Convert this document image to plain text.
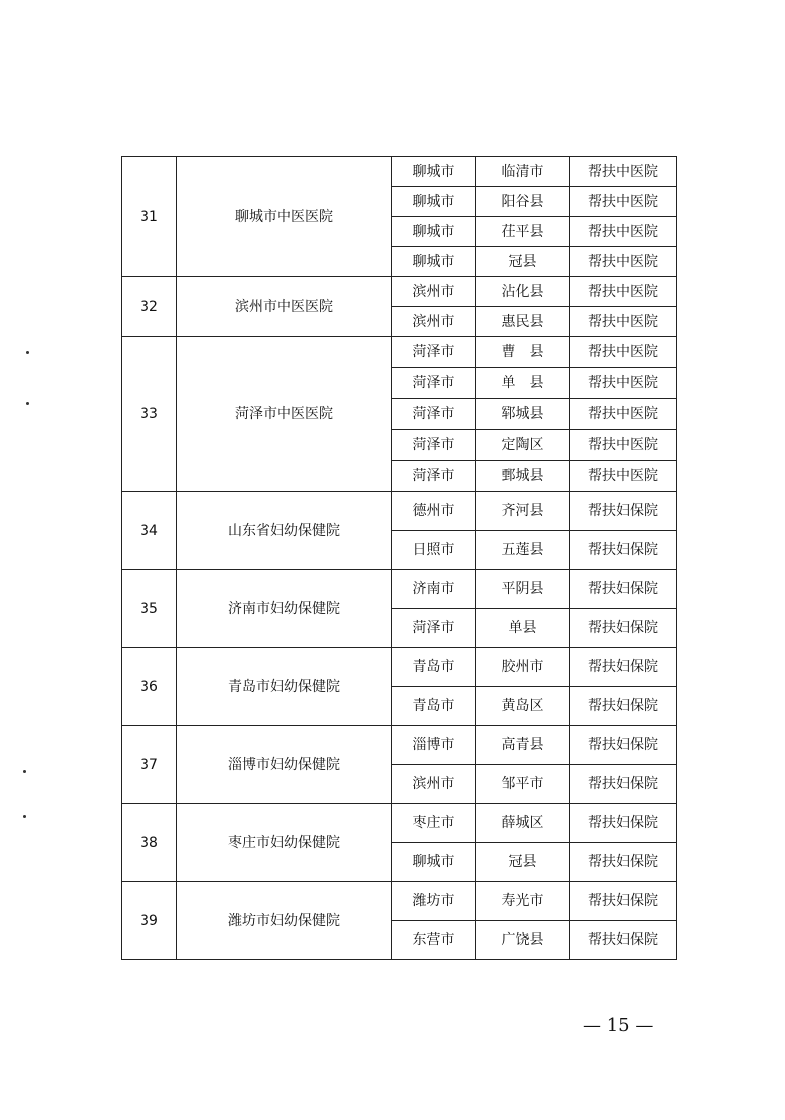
31	聊城市中医医院	聊城市	临清市	帮扶中医院
		聊城市	阳谷县	帮扶中医院
		聊城市	茌平县	帮扶中医院
		聊城市	冠县	帮扶中医院
32	滨州市中医医院	滨州市	沾化县	帮扶中医院
		滨州市	惠民县	帮扶中医院
33	菏泽市中医医院	菏泽市	曹　县	帮扶中医院
		菏泽市	单　县	帮扶中医院
		菏泽市	郓城县	帮扶中医院
		菏泽市	定陶区	帮扶中医院
		菏泽市	鄄城县	帮扶中医院
34	山东省妇幼保健院	德州市	齐河县	帮扶妇保院
		日照市	五莲县	帮扶妇保院
35	济南市妇幼保健院	济南市	平阴县	帮扶妇保院
		菏泽市	单县	帮扶妇保院
36	青岛市妇幼保健院	青岛市	胶州市	帮扶妇保院
		青岛市	黄岛区	帮扶妇保院
37	淄博市妇幼保健院	淄博市	高青县	帮扶妇保院
		滨州市	邹平市	帮扶妇保院
38	枣庄市妇幼保健院	枣庄市	薛城区	帮扶妇保院
		聊城市	冠县	帮扶妇保院
39	潍坊市妇幼保健院	潍坊市	寿光市	帮扶妇保院
		东营市	广饶县	帮扶妇保院
— 15 —
